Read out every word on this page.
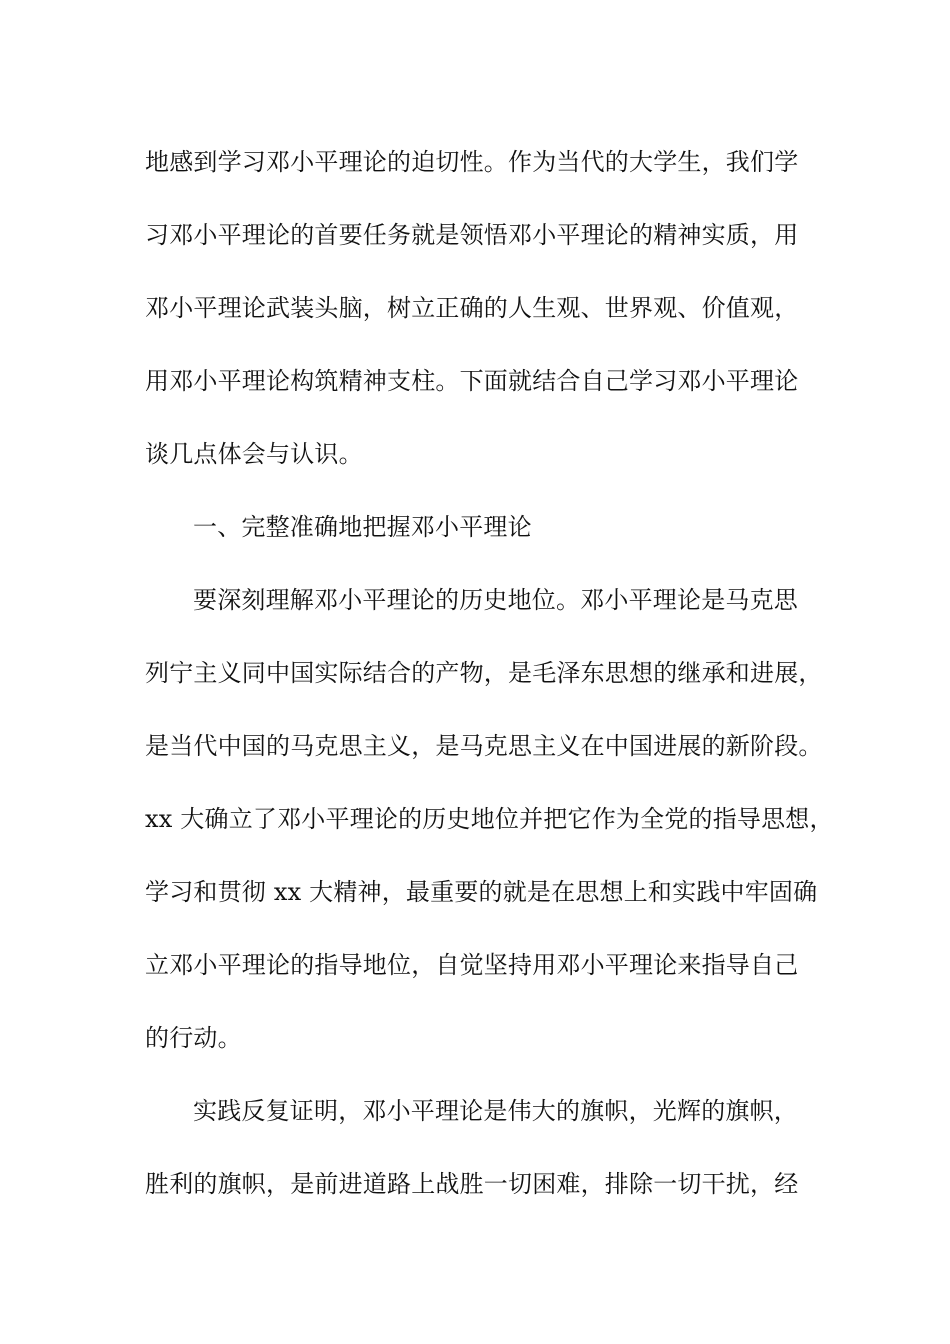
地感到学习邓小平理论的迫切性。作为当代的大学生，我们学
习邓小平理论的首要任务就是领悟邓小平理论的精神实质，用
邓小平理论武装头脑，树立正确的人生观、世界观、价值观，
用邓小平理论构筑精神支柱。下面就结合自己学习邓小平理论
谈几点体会与认识。
一、完整准确地把握邓小平理论
要深刻理解邓小平理论的历史地位。邓小平理论是马克思
列宁主义同中国实际结合的产物，是毛泽东思想的继承和进展，
是当代中国的马克思主义，是马克思主义在中国进展的新阶段。
xx 大确立了邓小平理论的历史地位并把它作为全党的指导思想，
学习和贯彻 xx 大精神，最重要的就是在思想上和实践中牢固确
立邓小平理论的指导地位，自觉坚持用邓小平理论来指导自己
的行动。
实践反复证明，邓小平理论是伟大的旗帜，光辉的旗帜，
胜利的旗帜，是前进道路上战胜一切困难，排除一切干扰，经
